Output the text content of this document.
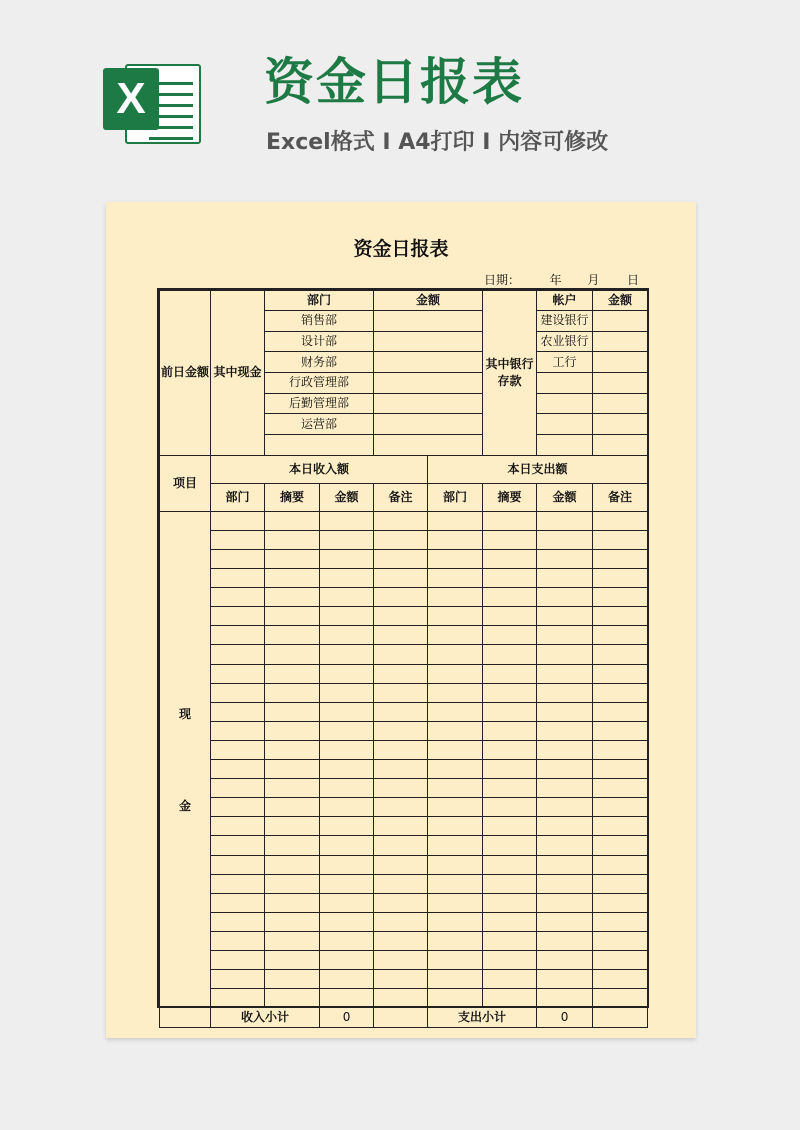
X 资金日报表
Excel格式 Ⅰ A4打印 Ⅰ 内容可修改
资金日报表
日期： 年 月 日
前日金额	其中现金	部门		金额		其中银行存款	帐户	金额
		销售部					建设银行	
		设计部					农业银行	
		财务部					工行	
		行政管理部						
		后勤管理部						
		运营部						

项目	本日收入额				本日支出额			
	部门	摘要	金额	备注	部门	摘要	金额	备注

现
金								

	收入小计		0		支出小计		0	
